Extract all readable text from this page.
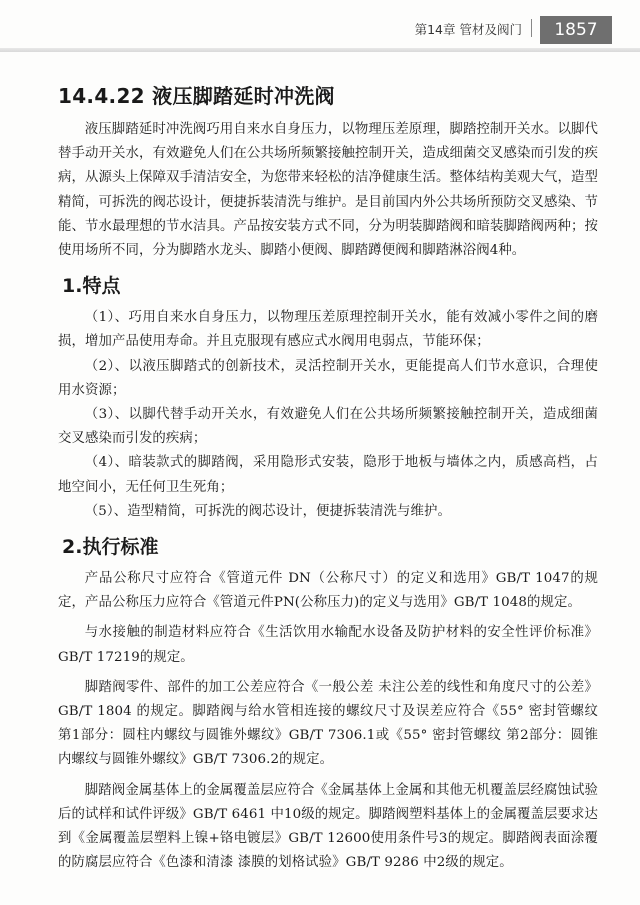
第14章 管材及阀门	1857
14.4.22 液压脚踏延时冲洗阀

液压脚踏延时冲洗阀巧用自来水自身压力，以物理压差原理，脚踏控制开关水。以脚代替手动开关水，有效避免人们在公共场所频繁接触控制开关，造成细菌交叉感染而引发的疾病，从源头上保障双手清洁安全，为您带来轻松的洁净健康生活。整体结构美观大气，造型精简，可拆洗的阀芯设计，便捷拆装清洗与维护。是目前国内外公共场所预防交叉感染、节能、节水最理想的节水洁具。产品按安装方式不同，分为明装脚踏阀和暗装脚踏阀两种；按使用场所不同，分为脚踏水龙头、脚踏小便阀、脚踏蹲便阀和脚踏淋浴阀4种。

1.特点

（1）、巧用自来水自身压力，以物理压差原理控制开关水，能有效减小零件之间的磨损，增加产品使用寿命。并且克服现有感应式水阀用电弱点，节能环保；

（2）、以液压脚踏式的创新技术，灵活控制开关水，更能提高人们节水意识，合理使用水资源；

（3）、以脚代替手动开关水，有效避免人们在公共场所频繁接触控制开关，造成细菌交叉感染而引发的疾病；

（4）、暗装款式的脚踏阀，采用隐形式安装，隐形于地板与墙体之内，质感高档，占地空间小，无任何卫生死角；

（5）、造型精简，可拆洗的阀芯设计，便捷拆装清洗与维护。

2.执行标准

产品公称尺寸应符合《管道元件 DN（公称尺寸）的定义和选用》GB/T 1047的规定，产品公称压力应符合《管道元件PN(公称压力)的定义与选用》GB/T 1048的规定。

与水接触的制造材料应符合《生活饮用水输配水设备及防护材料的安全性评价标准》GB/T 17219的规定。

脚踏阀零件、部件的加工公差应符合《一般公差 未注公差的线性和角度尺寸的公差》GB/T 1804 的规定。脚踏阀与给水管相连接的螺纹尺寸及误差应符合《55° 密封管螺纹 第1部分：圆柱内螺纹与圆锥外螺纹》GB/T 7306.1或《55° 密封管螺纹 第2部分：圆锥内螺纹与圆锥外螺纹》GB/T 7306.2的规定。

脚踏阀金属基体上的金属覆盖层应符合《金属基体上金属和其他无机覆盖层经腐蚀试验后的试样和试件评级》GB/T 6461 中10级的规定。脚踏阀塑料基体上的金属覆盖层要求达到《金属覆盖层塑料上镍+铬电镀层》GB/T 12600使用条件号3的规定。脚踏阀表面涂覆的防腐层应符合《色漆和清漆 漆膜的划格试验》GB/T 9286 中2级的规定。
